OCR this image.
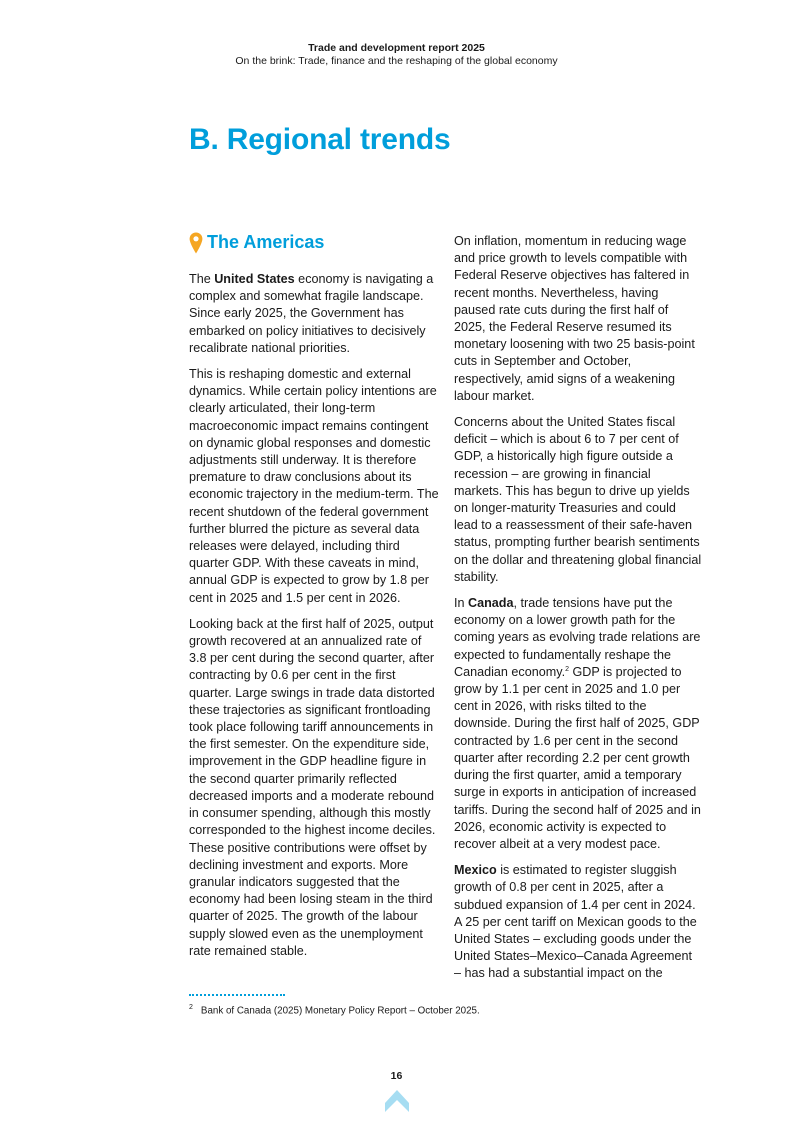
Trade and development report 2025
On the brink: Trade, finance and the reshaping of the global economy
B. Regional trends
The Americas

The United States economy is navigating a complex and somewhat fragile landscape. Since early 2025, the Government has embarked on policy initiatives to decisively recalibrate national priorities.

This is reshaping domestic and external dynamics. While certain policy intentions are clearly articulated, their long-term macroeconomic impact remains contingent on dynamic global responses and domestic adjustments still underway. It is therefore premature to draw conclusions about its economic trajectory in the medium-term. The recent shutdown of the federal government further blurred the picture as several data releases were delayed, including third quarter GDP. With these caveats in mind, annual GDP is expected to grow by 1.8 per cent in 2025 and 1.5 per cent in 2026.

Looking back at the first half of 2025, output growth recovered at an annualized rate of 3.8 per cent during the second quarter, after contracting by 0.6 per cent in the first quarter. Large swings in trade data distorted these trajectories as significant frontloading took place following tariff announcements in the first semester. On the expenditure side, improvement in the GDP headline figure in the second quarter primarily reflected decreased imports and a moderate rebound in consumer spending, although this mostly corresponded to the highest income deciles. These positive contributions were offset by declining investment and exports. More granular indicators suggested that the economy had been losing steam in the third quarter of 2025. The growth of the labour supply slowed even as the unemployment rate remained stable.

On inflation, momentum in reducing wage and price growth to levels compatible with Federal Reserve objectives has faltered in recent months. Nevertheless, having paused rate cuts during the first half of 2025, the Federal Reserve resumed its monetary loosening with two 25 basis-point cuts in September and October, respectively, amid signs of a weakening labour market.

Concerns about the United States fiscal deficit – which is about 6 to 7 per cent of GDP, a historically high figure outside a recession – are growing in financial markets. This has begun to drive up yields on longer-maturity Treasuries and could lead to a reassessment of their safe-haven status, prompting further bearish sentiments on the dollar and threatening global financial stability.

In Canada, trade tensions have put the economy on a lower growth path for the coming years as evolving trade relations are expected to fundamentally reshape the Canadian economy.$^2$ GDP is projected to grow by 1.1 per cent in 2025 and 1.0 per cent in 2026, with risks tilted to the downside. During the first half of 2025, GDP contracted by 1.6 per cent in the second quarter after recording 2.2 per cent growth during the first quarter, amid a temporary surge in exports in anticipation of increased tariffs. During the second half of 2025 and in 2026, economic activity is expected to recover albeit at a very modest pace.

Mexico is estimated to register sluggish growth of 0.8 per cent in 2025, after a subdued expansion of 1.4 per cent in 2024. A 25 per cent tariff on Mexican goods to the United States – excluding goods under the United States–Mexico–Canada Agreement – has had a substantial impact on the

$^2$ Bank of Canada (2025) Monetary Policy Report – October 2025.
16
